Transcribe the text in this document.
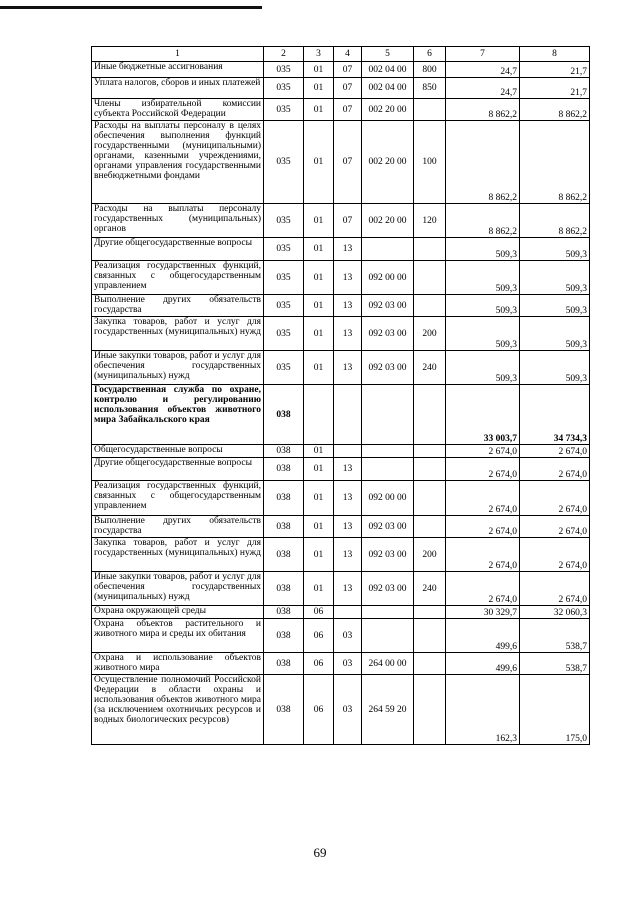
1	2	3	4	5	6	7	8
Иные бюджетные ассигнования	035	01	07	002 04 00	800	24,7	21,7
Уплата налогов, сборов и иных платежей	035	01	07	002 04 00	850	24,7	21,7
Члены избирательной комиссии субъекта Российской Федерации	035	01	07	002 20 00		8 862,2	8 862,2
Расходы на выплаты персоналу в целях обеспечения выполнения функций государственными (муниципальными) органами, казенными учреждениями, органами управления государственными внебюджетными фондами	035	01	07	002 20 00	100	8 862,2	8 862,2
Расходы на выплаты персоналу государственных (муниципальных) органов	035	01	07	002 20 00	120	8 862,2	8 862,2
Другие общегосударственные вопросы	035	01	13			509,3	509,3
Реализация государственных функций, связанных с общегосударственным управлением	035	01	13	092 00 00		509,3	509,3
Выполнение других обязательств государства	035	01	13	092 03 00		509,3	509,3
Закупка товаров, работ и услуг для государственных (муниципальных) нужд	035	01	13	092 03 00	200	509,3	509,3
Иные закупки товаров, работ и услуг для обеспечения государственных (муниципальных) нужд	035	01	13	092 03 00	240	509,3	509,3
Государственная служба по охране, контролю и регулированию использования объектов животного мира Забайкальского края	038					33 003,7	34 734,3
Общегосударственные вопросы	038	01				2 674,0	2 674,0
Другие общегосударственные вопросы	038	01	13			2 674,0	2 674,0
Реализация государственных функций, связанных с общегосударственным управлением	038	01	13	092 00 00		2 674,0	2 674,0
Выполнение других обязательств государства	038	01	13	092 03 00		2 674,0	2 674,0
Закупка товаров, работ и услуг для государственных (муниципальных) нужд	038	01	13	092 03 00	200	2 674,0	2 674,0
Иные закупки товаров, работ и услуг для обеспечения государственных (муниципальных) нужд	038	01	13	092 03 00	240	2 674,0	2 674,0
Охрана окружающей среды	038	06				30 329,7	32 060,3
Охрана объектов растительного и животного мира и среды их обитания	038	06	03			499,6	538,7
Охрана и использование объектов животного мира	038	06	03	264 00 00		499,6	538,7
Осуществление полномочий Российской Федерации в области охраны и использования объектов животного мира (за исключением охотничьих ресурсов и водных биологических ресурсов)	038	06	03	264 59 20		162,3	175,0
69
